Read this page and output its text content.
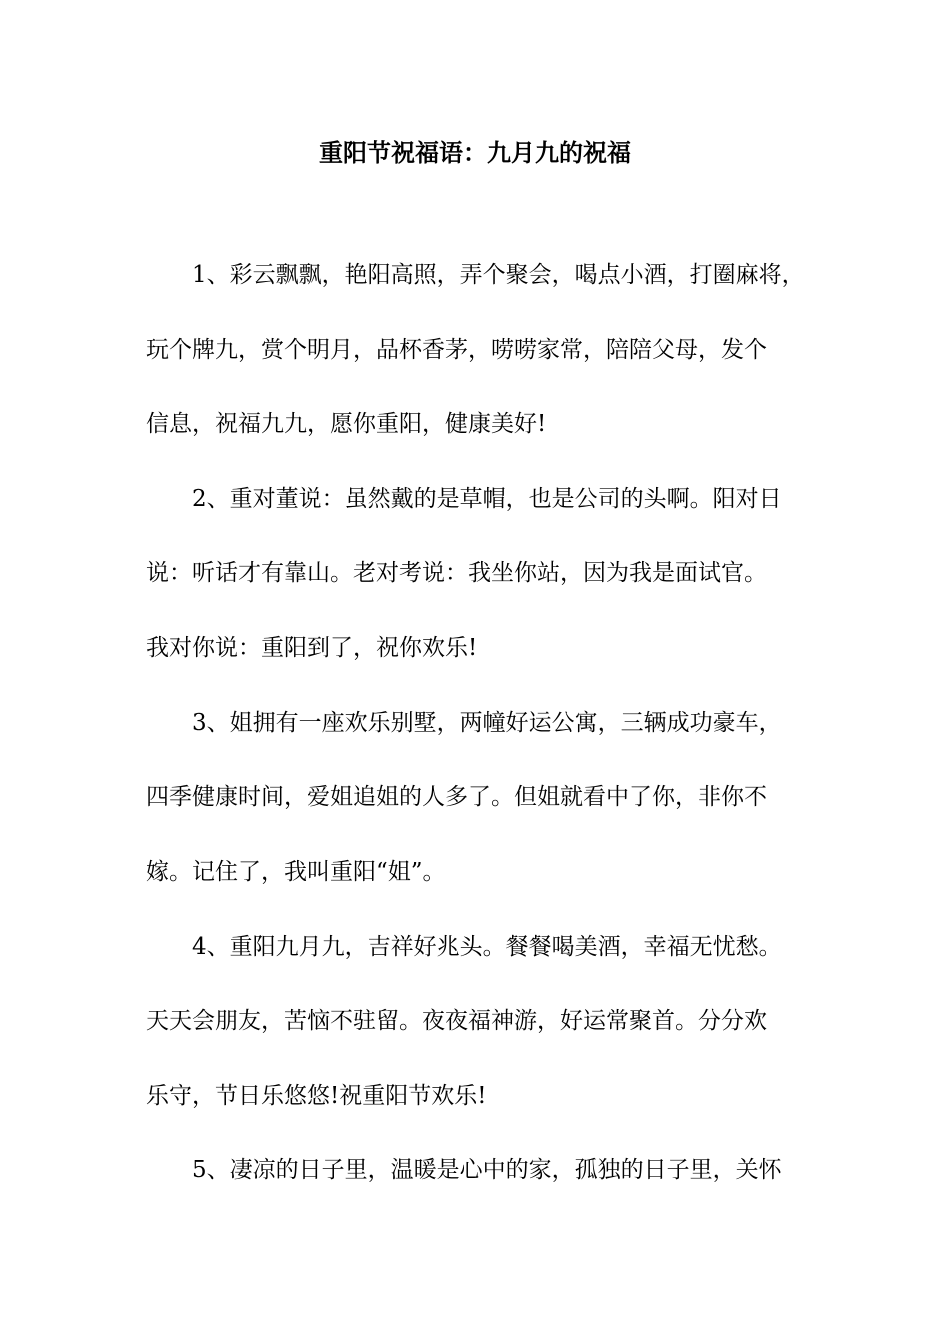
重阳节祝福语：九月九的祝福
1、彩云飘飘，艳阳高照，弄个聚会，喝点小酒，打圈麻将，
玩个牌九，赏个明月，品杯香茅，唠唠家常，陪陪父母，发个
信息，祝福九九，愿你重阳，健康美好!
2、重对董说：虽然戴的是草帽，也是公司的头啊。阳对日
说：听话才有靠山。老对考说：我坐你站，因为我是面试官。
我对你说：重阳到了，祝你欢乐!
3、姐拥有一座欢乐别墅，两幢好运公寓，三辆成功豪车，
四季健康时间，爱姐追姐的人多了。但姐就看中了你，非你不
嫁。记住了，我叫重阳“姐”。
4、重阳九月九，吉祥好兆头。餐餐喝美酒，幸福无忧愁。
天天会朋友，苦恼不驻留。夜夜福神游，好运常聚首。分分欢
乐守，节日乐悠悠!祝重阳节欢乐!
5、凄凉的日子里，温暖是心中的家，孤独的日子里，关怀
